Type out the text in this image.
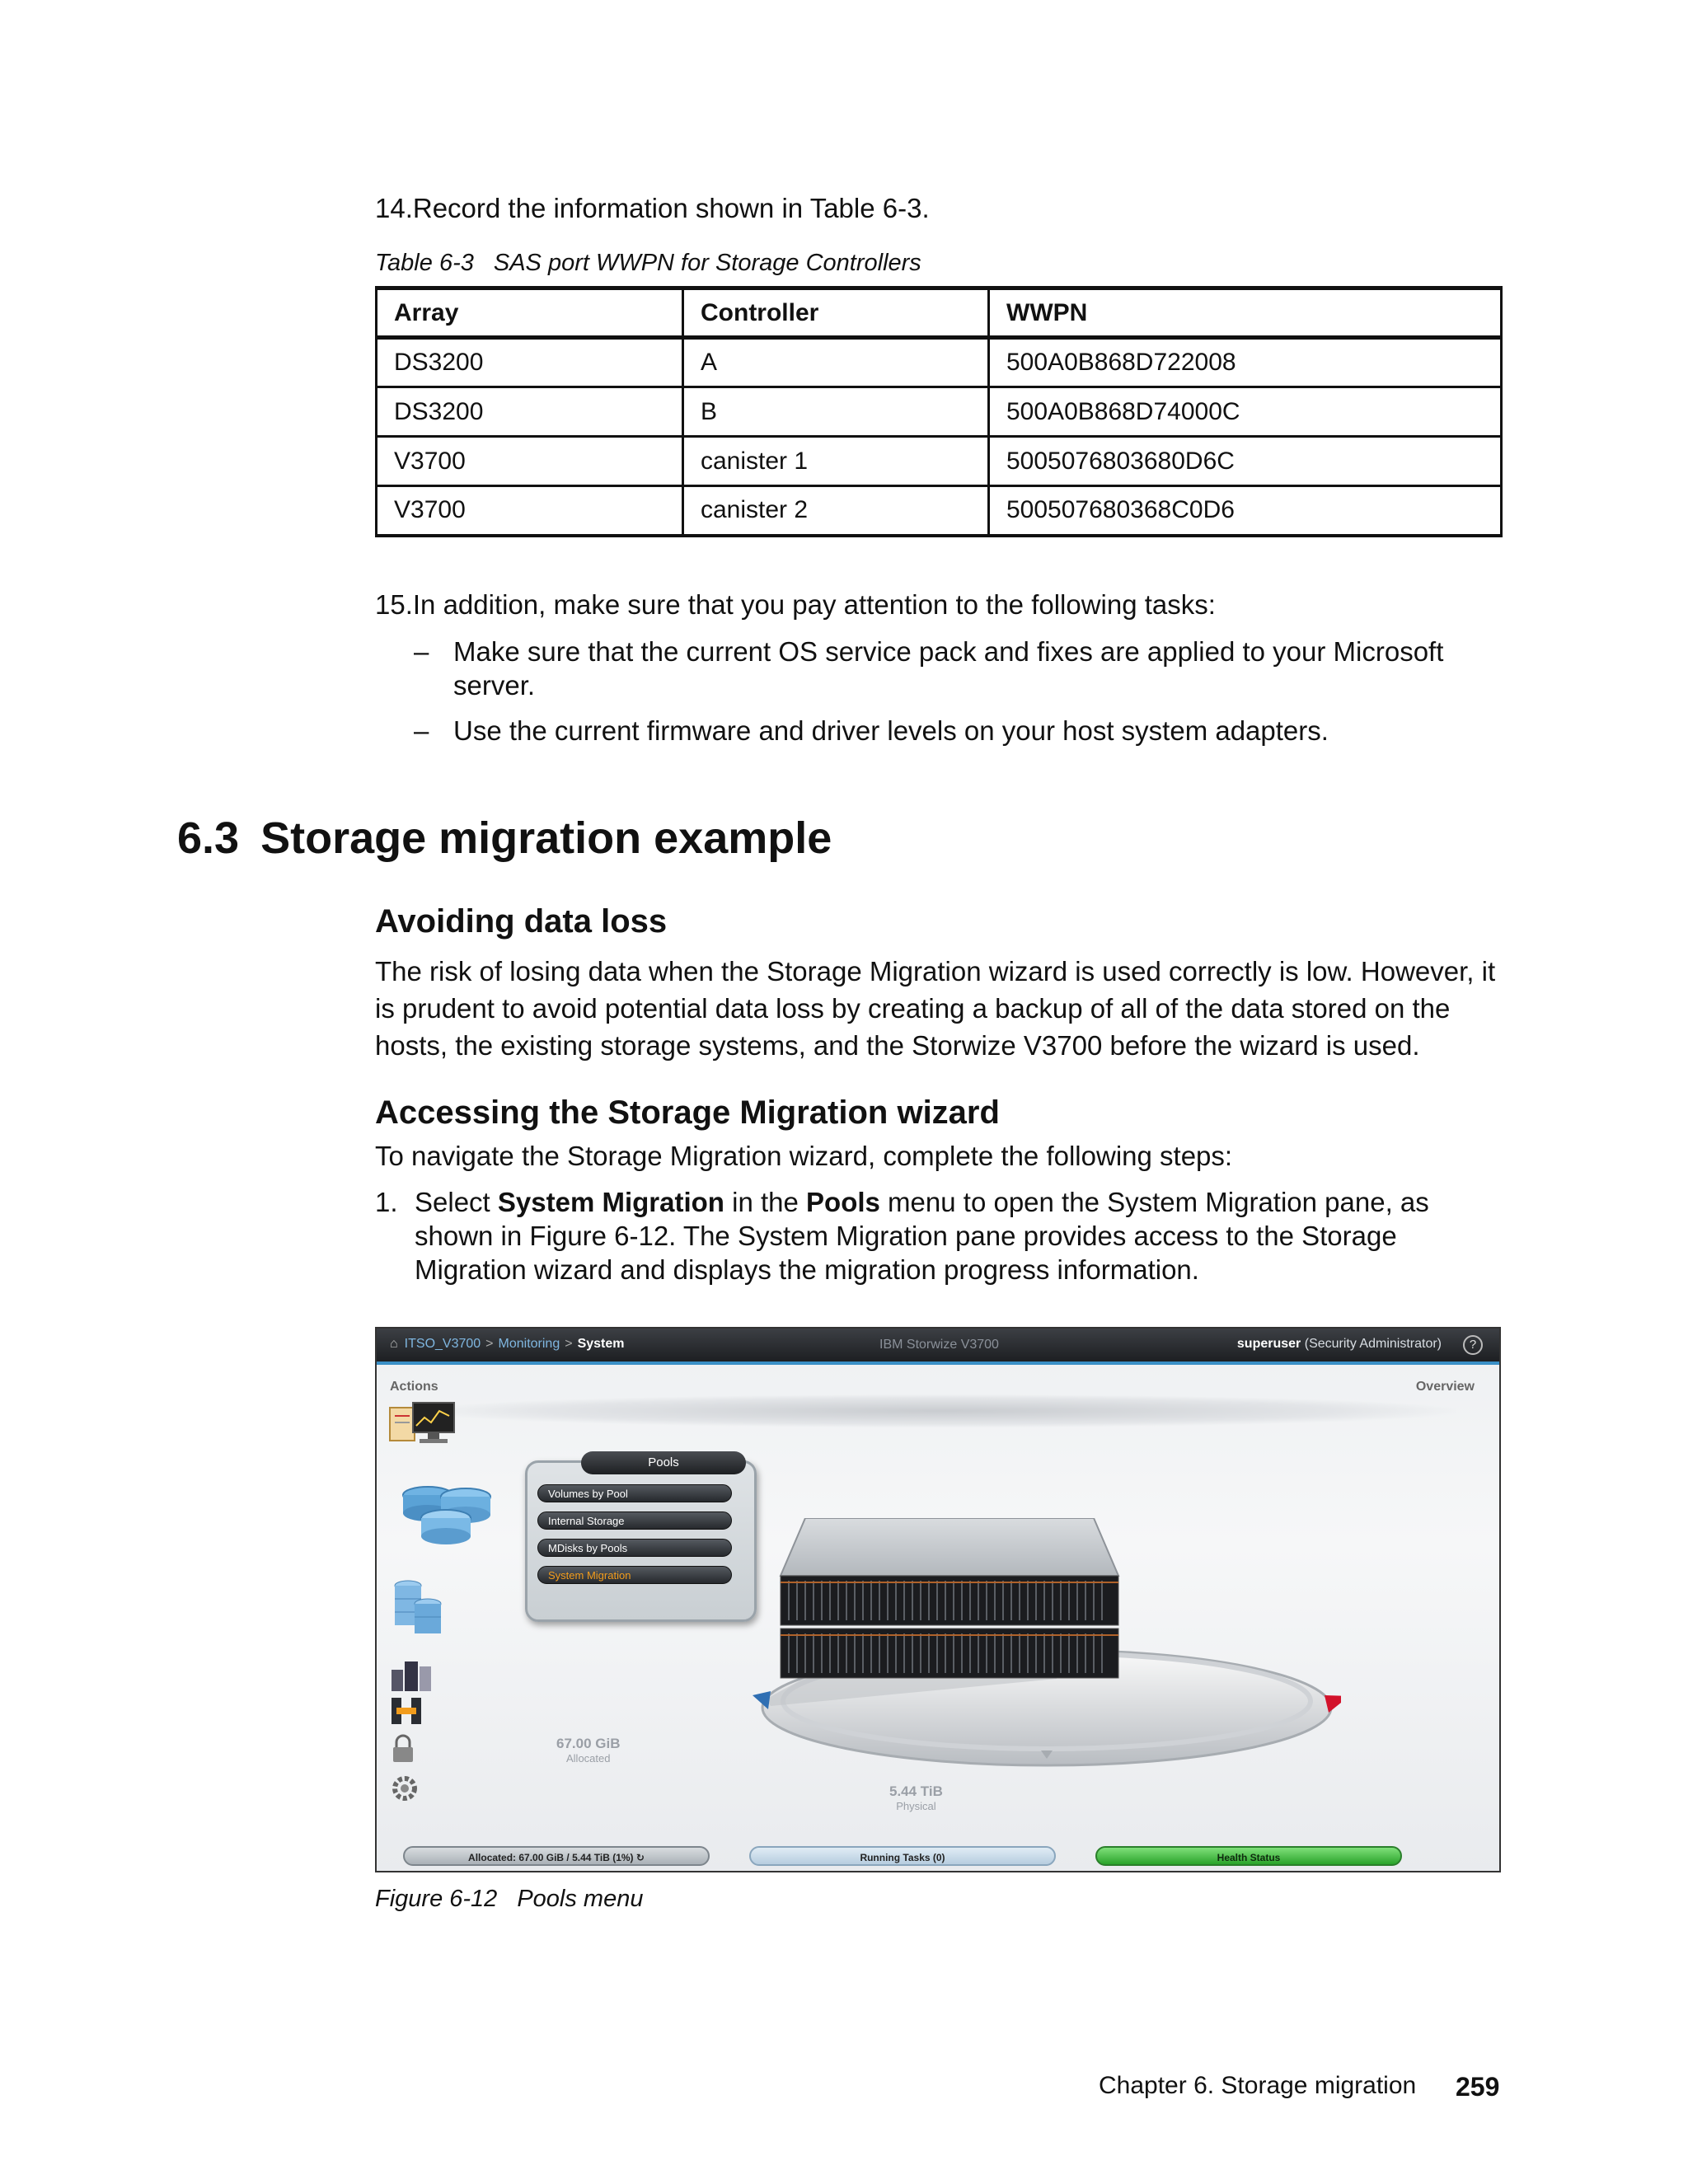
14.Record the information shown in Table 6-3.
Table 6-3 SAS port WWPN for Storage Controllers
Array	Controller	WWPN
DS3200	A	500A0B868D722008
DS3200	B	500A0B868D74000C
V3700	canister 1	5005076803680D6C
V3700	canister 2	500507680368C0D6
15.In addition, make sure that you pay attention to the following tasks:
– Make sure that the current OS service pack and fixes are applied to your Microsoft server.
– Use the current firmware and driver levels on your host system adapters.
6.3 Storage migration example
Avoiding data loss
The risk of losing data when the Storage Migration wizard is used correctly is low. However, it is prudent to avoid potential data loss by creating a backup of all of the data stored on the hosts, the existing storage systems, and the Storwize V3700 before the wizard is used.
Accessing the Storage Migration wizard
To navigate the Storage Migration wizard, complete the following steps:
1. Select System Migration in the Pools menu to open the System Migration pane, as shown in Figure 6-12. The System Migration pane provides access to the Storage Migration wizard and displays the migration progress information.
⌂ ITSO_V3700 > Monitoring > System	IBM Storwize V3700	superuser (Security Administrator)	?
Actions	Overview
Pools
Volumes by Pool
Internal Storage
MDisks by Pools
System Migration
67.00 GiB
Allocated
5.44 TiB
Physical
Allocated: 67.00 GiB / 5.44 TiB (1%) ↻	Running Tasks (0)	Health Status
Figure 6-12 Pools menu
Chapter 6. Storage migration 259
